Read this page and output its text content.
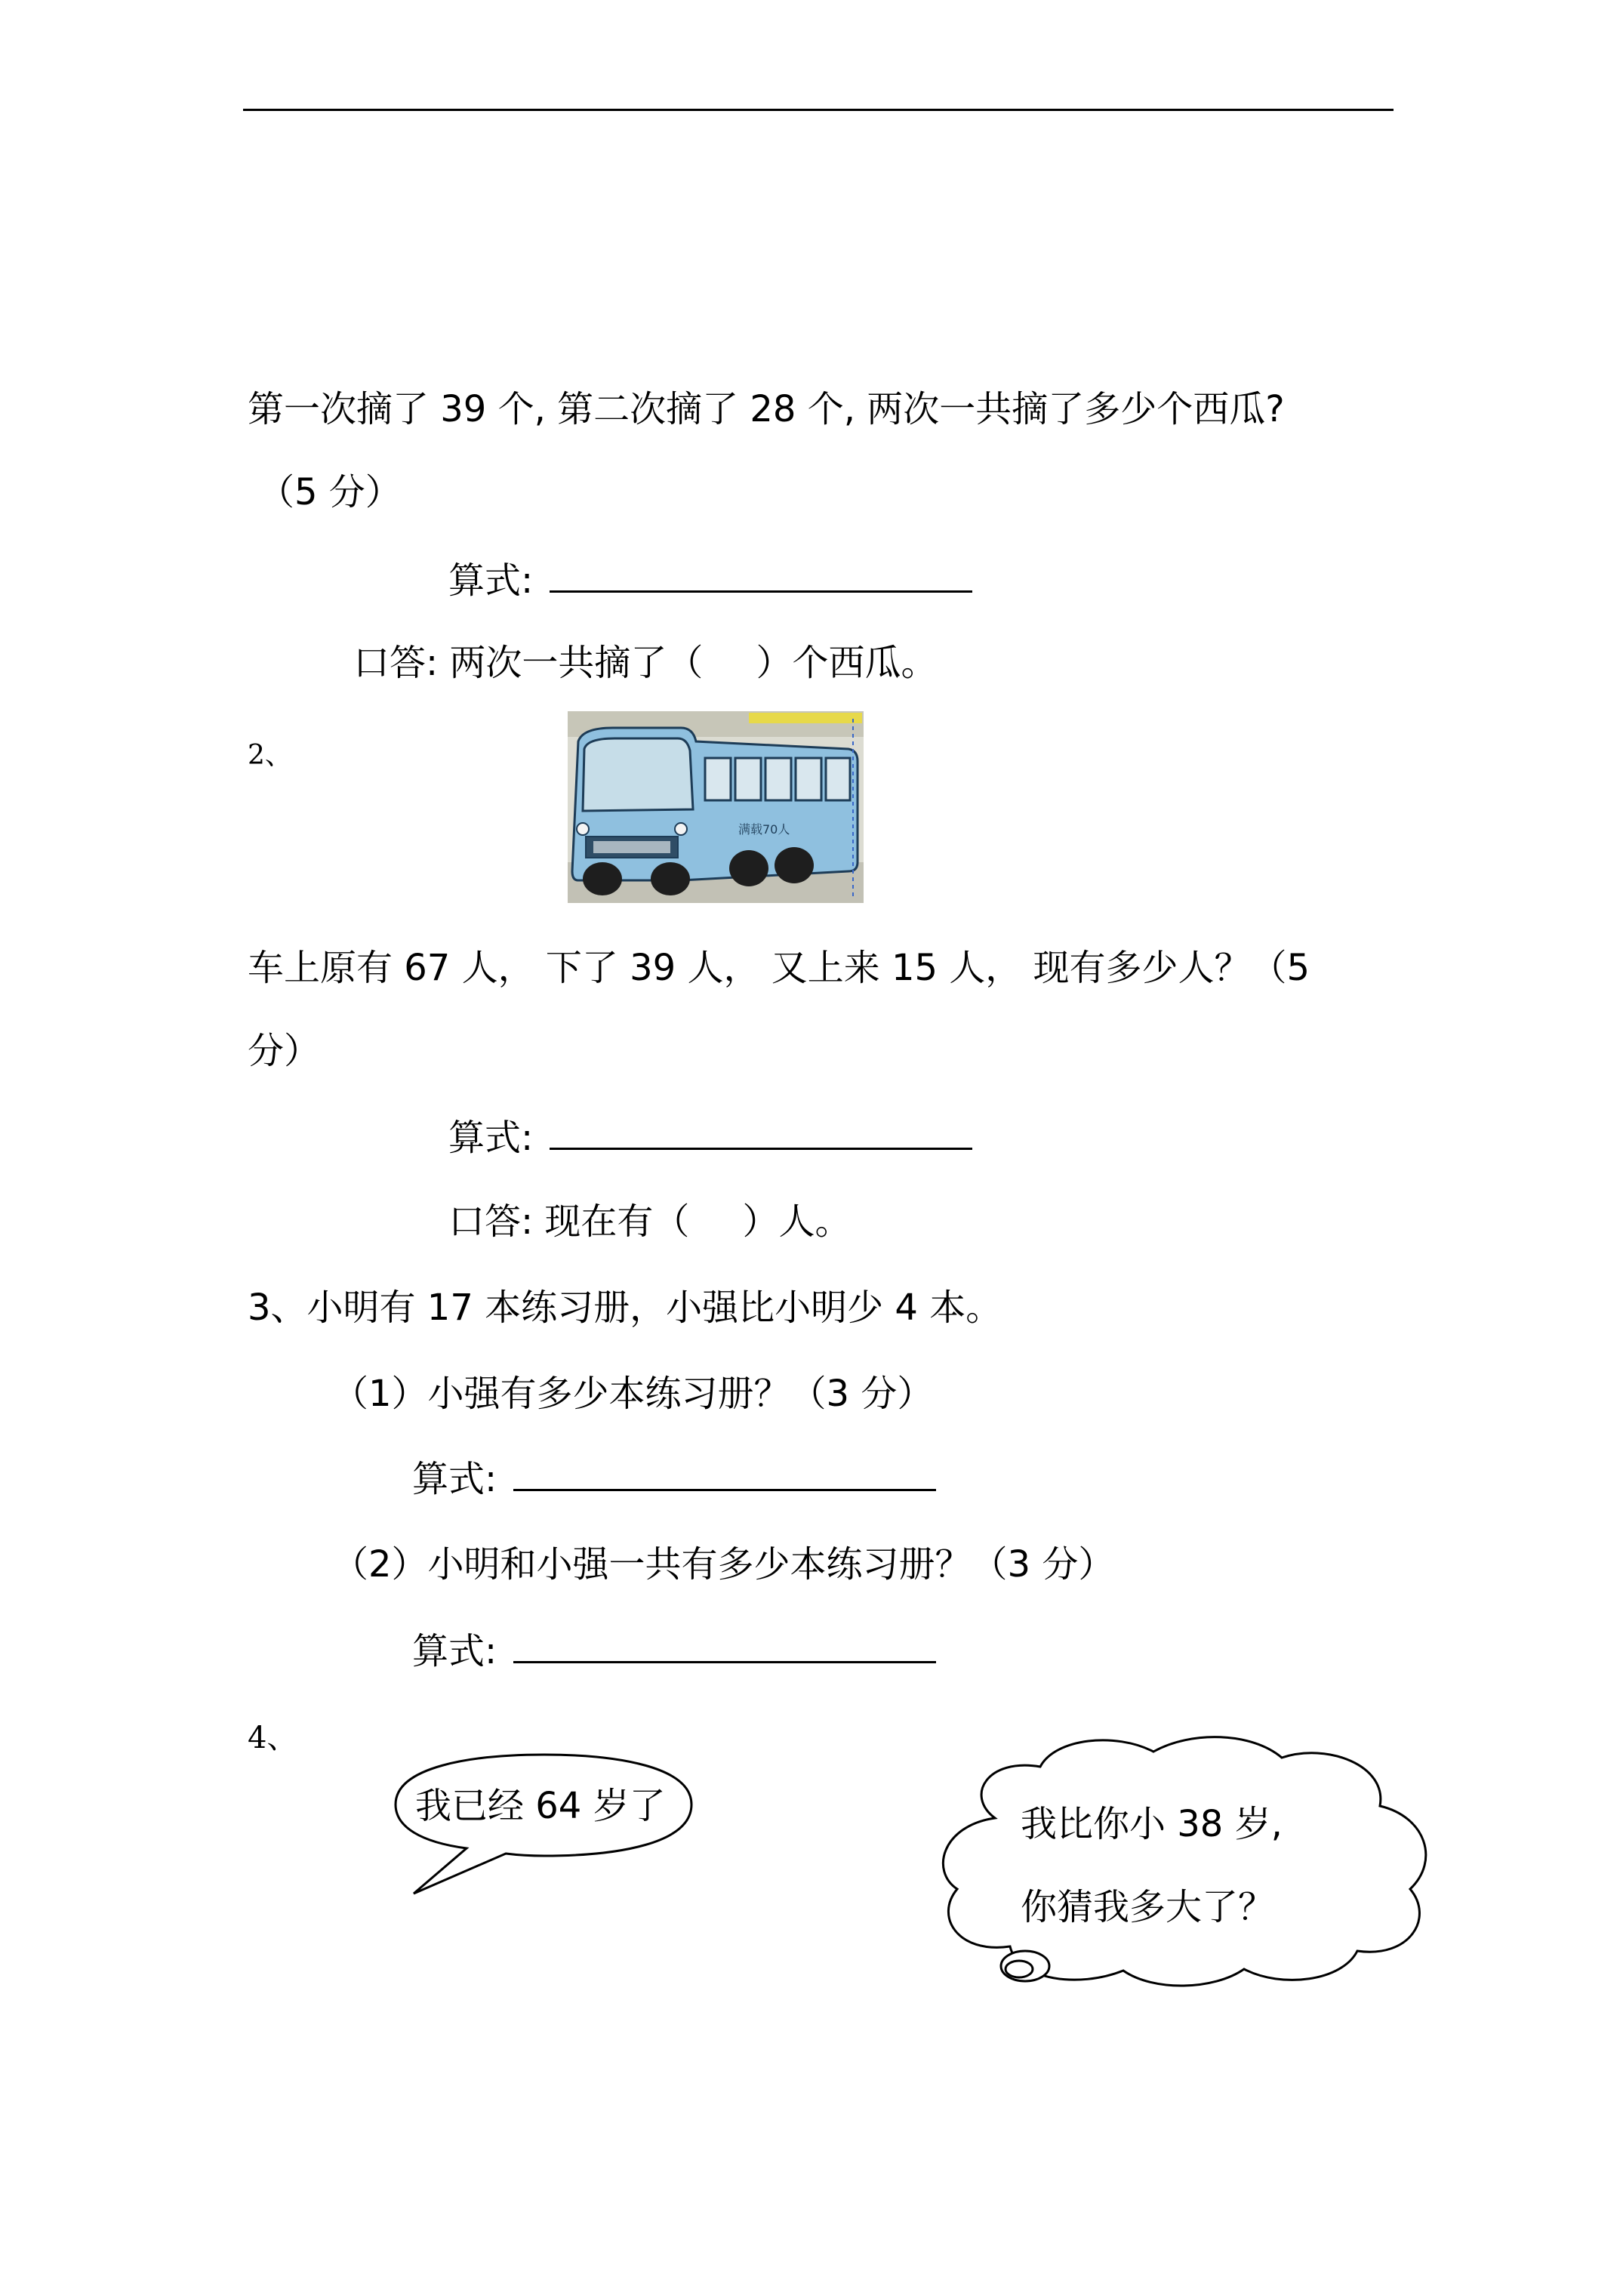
第一次摘了 39 个, 第二次摘了 28 个, 两次一共摘了多少个西瓜?
（5 分）
算式:
口答: 两次一共摘了（ ）个西瓜。
2、
满载70人
车上原有 67 人， 下了 39 人， 又上来 15 人， 现有多少人？（5
分）
算式:
口答: 现在有（ ）人。
3、小明有 17 本练习册，小强比小明少 4 本。
（1）小强有多少本练习册？（3 分）
算式:
（2）小明和小强一共有多少本练习册？（3 分）
算式:
4、
我已经 64 岁了	我比你小 38 岁,
你猜我多大了？
